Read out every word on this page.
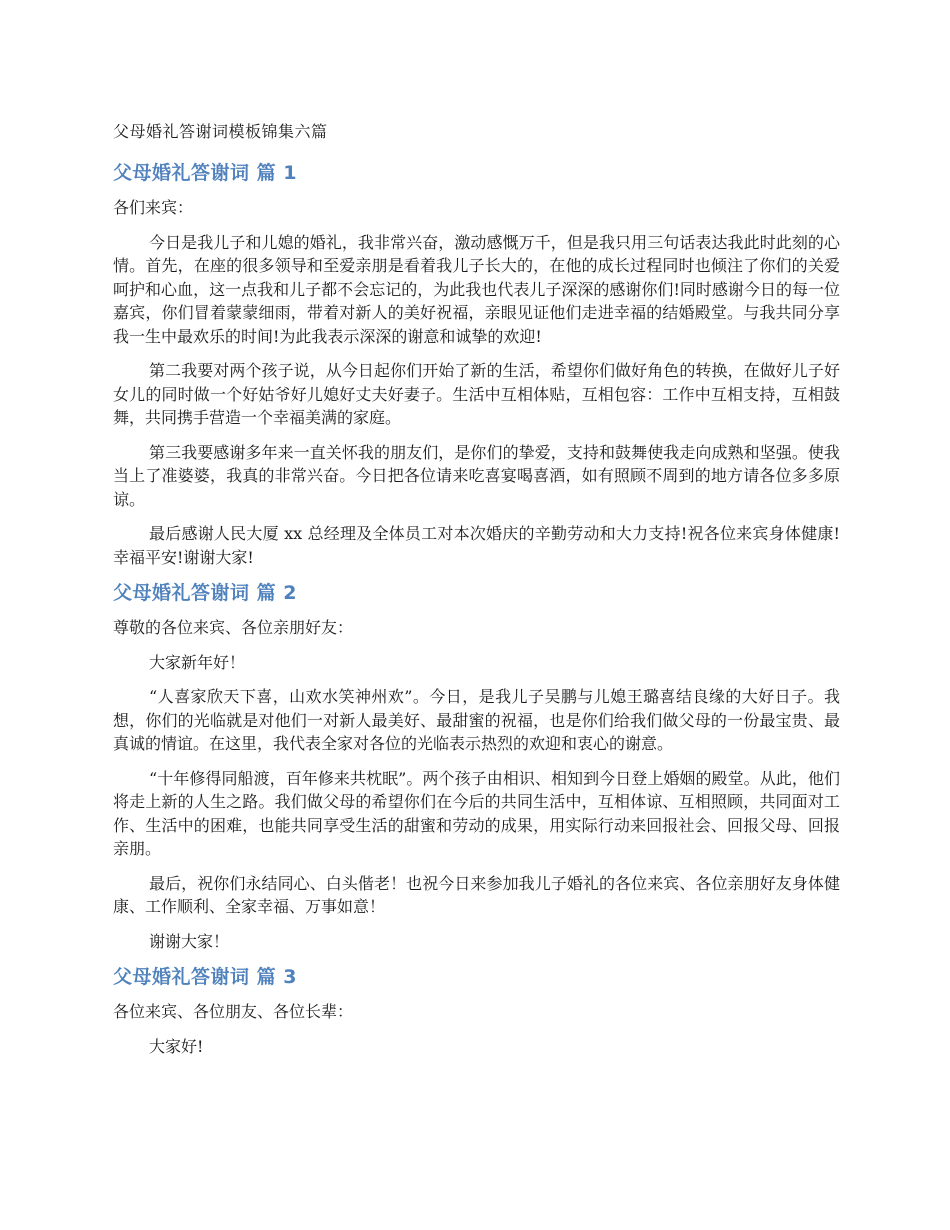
父母婚礼答谢词模板锦集六篇
父母婚礼答谢词 篇 1

各们来宾：

今日是我儿子和儿媳的婚礼，我非常兴奋，激动感慨万千，但是我只用三句话表达我此时此刻的心情。首先，在座的很多领导和至爱亲朋是看着我儿子长大的，在他的成长过程同时也倾注了你们的关爱呵护和心血，这一点我和儿子都不会忘记的，为此我也代表儿子深深的感谢你们!同时感谢今日的每一位嘉宾，你们冒着蒙蒙细雨，带着对新人的美好祝福，亲眼见证他们走进幸福的结婚殿堂。与我共同分享我一生中最欢乐的时间!为此我表示深深的谢意和诚挚的欢迎!

第二我要对两个孩子说，从今日起你们开始了新的生活，希望你们做好角色的转换，在做好儿子好女儿的同时做一个好姑爷好儿媳好丈夫好妻子。生活中互相体贴，互相包容：工作中互相支持，互相鼓舞，共同携手营造一个幸福美满的家庭。

第三我要感谢多年来一直关怀我的朋友们，是你们的挚爱，支持和鼓舞使我走向成熟和坚强。使我当上了准婆婆，我真的非常兴奋。今日把各位请来吃喜宴喝喜酒，如有照顾不周到的地方请各位多多原谅。

最后感谢人民大厦 xx 总经理及全体员工对本次婚庆的辛勤劳动和大力支持!祝各位来宾身体健康!幸福平安!谢谢大家!

父母婚礼答谢词 篇 2

尊敬的各位来宾、各位亲朋好友：

大家新年好！

“人喜家欣天下喜，山欢水笑神州欢”。今日，是我儿子吴鹏与儿媳王璐喜结良缘的大好日子。我想，你们的光临就是对他们一对新人最美好、最甜蜜的祝福，也是你们给我们做父母的一份最宝贵、最真诚的情谊。在这里，我代表全家对各位的光临表示热烈的欢迎和衷心的谢意。

“十年修得同船渡，百年修来共枕眠”。两个孩子由相识、相知到今日登上婚姻的殿堂。从此，他们将走上新的人生之路。我们做父母的希望你们在今后的共同生活中，互相体谅、互相照顾，共同面对工作、生活中的困难，也能共同享受生活的甜蜜和劳动的成果，用实际行动来回报社会、回报父母、回报亲朋。

最后，祝你们永结同心、白头偕老！也祝今日来参加我儿子婚礼的各位来宾、各位亲朋好友身体健康、工作顺利、全家幸福、万事如意！

谢谢大家！

父母婚礼答谢词 篇 3

各位来宾、各位朋友、各位长辈：

大家好!
